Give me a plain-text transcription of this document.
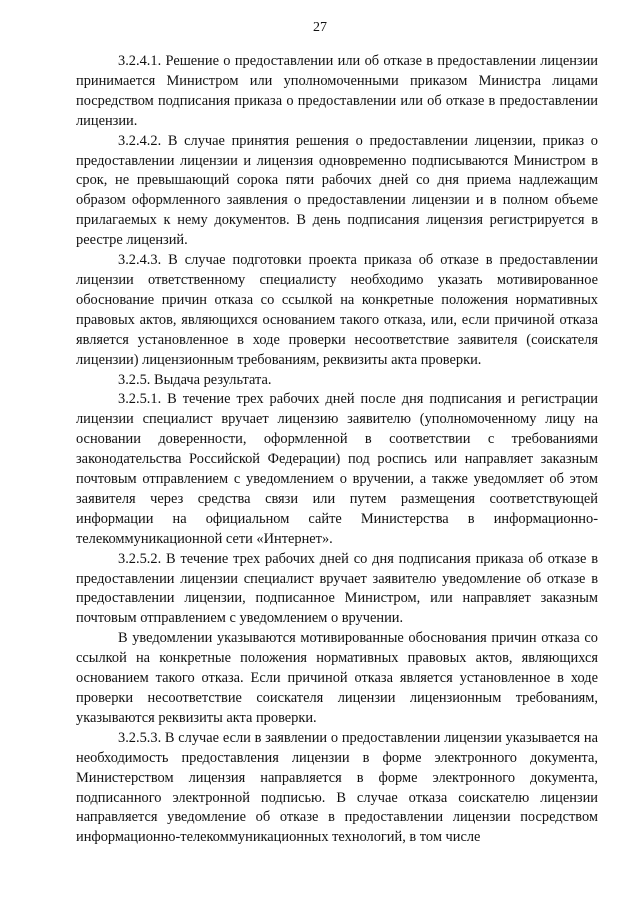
27

3.2.4.1. Решение о предоставлении или об отказе в предоставлении лицензии принимается Министром или уполномоченными приказом Министра лицами посредством подписания приказа о предоставлении или об отказе в предоставлении лицензии.

3.2.4.2. В случае принятия решения о предоставлении лицензии, приказ о предоставлении лицензии и лицензия одновременно подписываются Министром в срок, не превышающий сорока пяти рабочих дней со дня приема надлежащим образом оформленного заявления о предоставлении лицензии и в полном объеме прилагаемых к нему документов. В день подписания лицензия регистрируется в реестре лицензий.

3.2.4.3. В случае подготовки проекта приказа об отказе в предоставлении лицензии ответственному специалисту необходимо указать мотивированное обоснование причин отказа со ссылкой на конкретные положения нормативных правовых актов, являющихся основанием такого отказа, или, если причиной отказа является установленное в ходе проверки несоответствие заявителя (соискателя лицензии) лицензионным требованиям, реквизиты акта проверки.

3.2.5. Выдача результата.

3.2.5.1. В течение трех рабочих дней после дня подписания и регистрации лицензии специалист вручает лицензию заявителю (уполномоченному лицу на основании доверенности, оформленной в соответствии с требованиями законодательства Российской Федерации) под роспись или направляет заказным почтовым отправлением с уведомлением о вручении, а также уведомляет об этом заявителя через средства связи или путем размещения соответствующей информации на официальном сайте Министерства в информационно-телекоммуникационной сети «Интернет».

3.2.5.2. В течение трех рабочих дней со дня подписания приказа об отказе в предоставлении лицензии специалист вручает заявителю уведомление об отказе в предоставлении лицензии, подписанное Министром, или направляет заказным почтовым отправлением с уведомлением о вручении.

В уведомлении указываются мотивированные обоснования причин отказа со ссылкой на конкретные положения нормативных правовых актов, являющихся основанием такого отказа. Если причиной отказа является установленное в ходе проверки несоответствие соискателя лицензии лицензионным требованиям, указываются реквизиты акта проверки.

3.2.5.3. В случае если в заявлении о предоставлении лицензии указывается на необходимость предоставления лицензии в форме электронного документа, Министерством лицензия направляется в форме электронного документа, подписанного электронной подписью. В случае отказа соискателю лицензии направляется уведомление об отказе в предоставлении лицензии посредством информационно-телекоммуникационных технологий, в том числе
